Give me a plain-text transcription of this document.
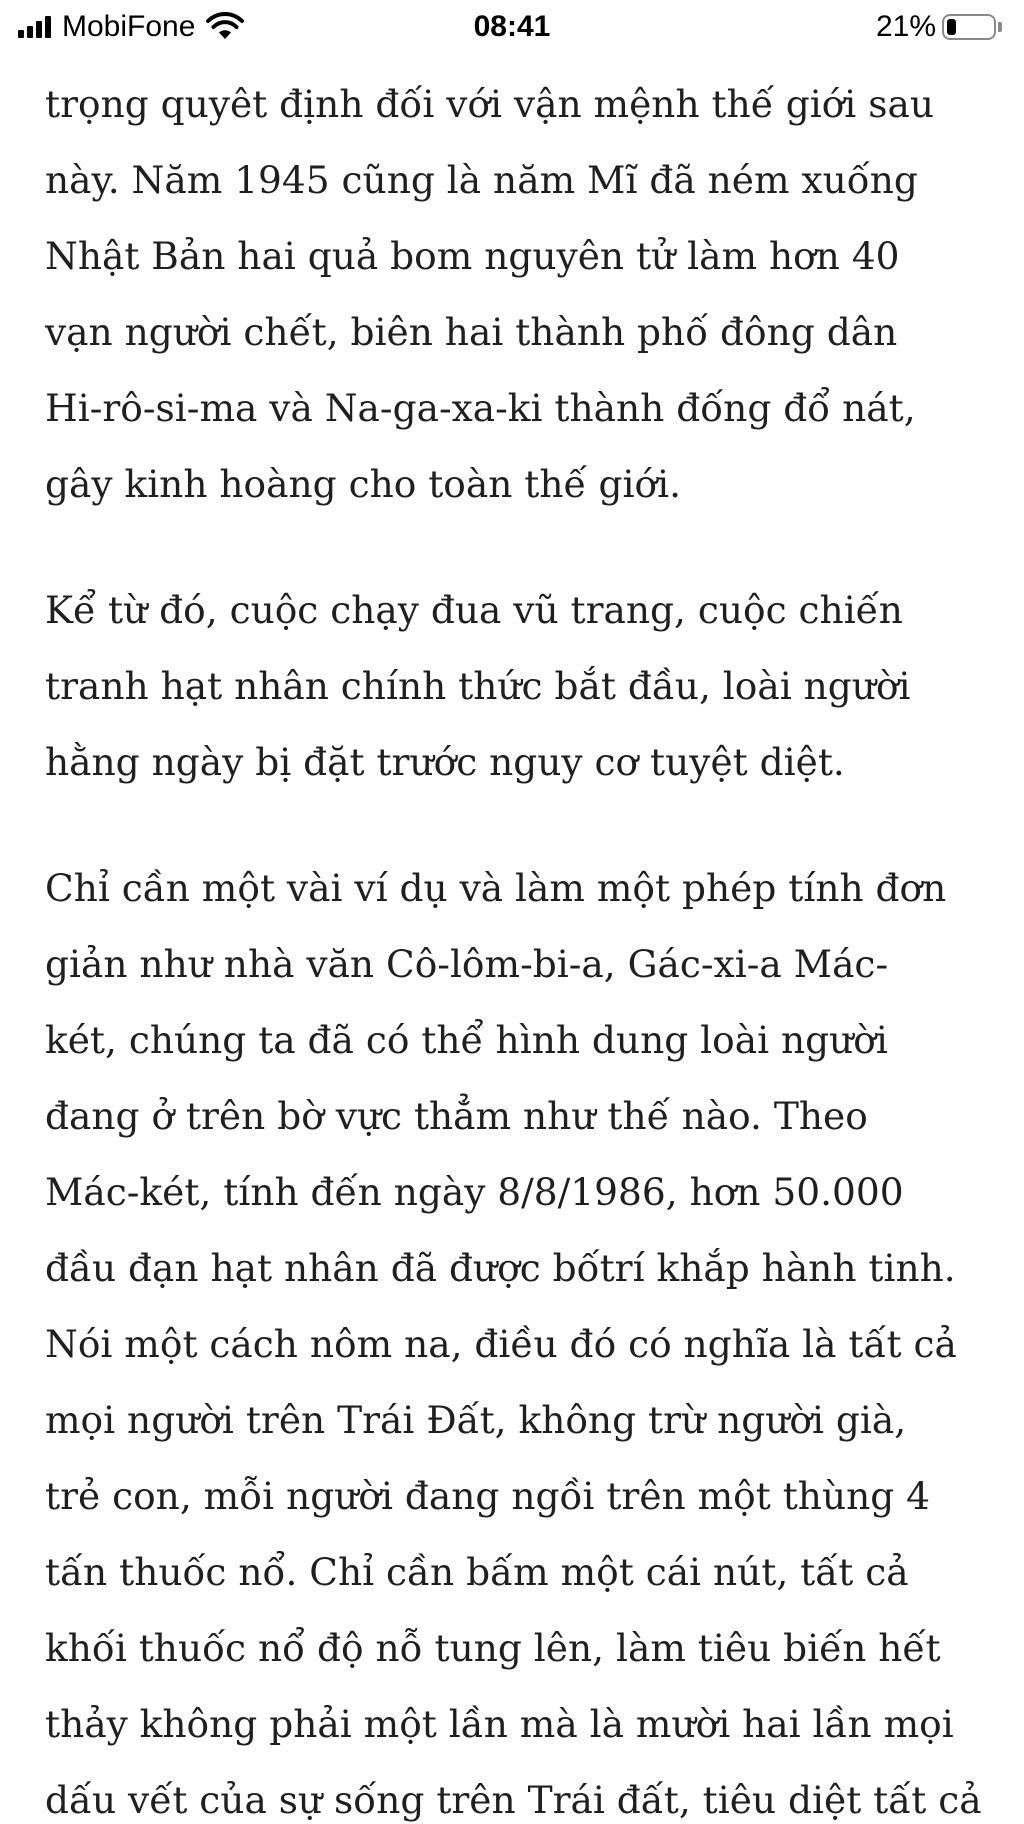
MobiFone	08:41	21%

trọng quyêt định đối với vận mệnh thế giới sau
này. Năm 1945 cũng là năm Mĩ đã ném xuống
Nhật Bản hai quả bom nguyên tử làm hơn 40
vạn người chết, biên hai thành phố đông dân
Hi-rô-si-ma và Na-ga-xa-ki thành đống đổ nát,
gây kinh hoàng cho toàn thế giới.

Kể từ đó, cuộc chạy đua vũ trang, cuộc chiến
tranh hạt nhân chính thức bắt đầu, loài người
hằng ngày bị đặt trước nguy cơ tuyệt diệt.

Chỉ cần một vài ví dụ và làm một phép tính đơn
giản như nhà văn Cô-lôm-bi-a, Gác-xi-a Mác-
két, chúng ta đã có thể hình dung loài người
đang ở trên bờ vực thẳm như thế nào. Theo
Mác-két, tính đến ngày 8/8/1986, hơn 50.000
đầu đạn hạt nhân đã được bốtrí khắp hành tinh.
Nói một cách nôm na, điều đó có nghĩa là tất cả
mọi người trên Trái Đất, không trừ người già,
trẻ con, mỗi người đang ngồi trên một thùng 4
tấn thuốc nổ. Chỉ cần bấm một cái nút, tất cả
khối thuốc nổ độ nỗ tung lên, làm tiêu biến hết
thảy không phải một lần mà là mười hai lần mọi
dấu vết của sự sống trên Trái đất, tiêu diệt tất cả
